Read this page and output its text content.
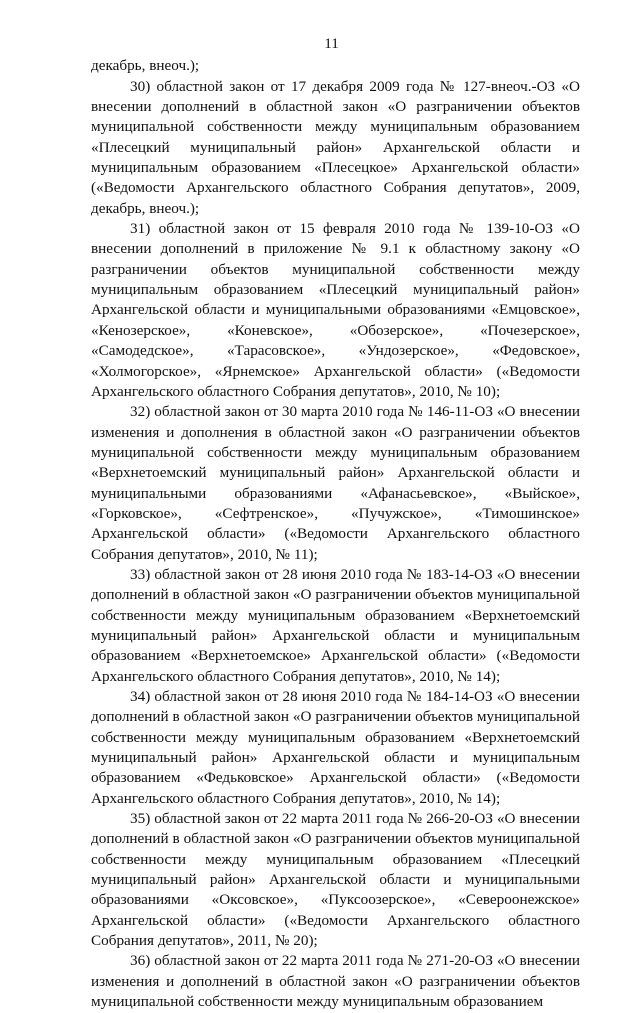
11

декабрь, внеоч.);

30) областной закон от 17 декабря 2009 года № 127-внеоч.-ОЗ «О внесении дополнений в областной закон «О разграничении объектов муниципальной собственности между муниципальным образованием «Плесецкий муниципальный район» Архангельской области и муниципальным образованием «Плесецкое» Архангельской области» («Ведомости Архангельского областного Собрания депутатов», 2009, декабрь, внеоч.);

31) областной закон от 15 февраля 2010 года № 139-10-ОЗ «О внесении дополнений в приложение № 9.1 к областному закону «О разграничении объектов муниципальной собственности между муниципальным образованием «Плесецкий муниципальный район» Архангельской области и муниципальными образованиями «Емцовское», «Кенозерское», «Коневское», «Обозерское», «Почезерское», «Самодедское», «Тарасовское», «Ундозерское», «Федовское», «Холмогорское», «Ярнемское» Архангельской области» («Ведомости Архангельского областного Собрания депутатов», 2010, № 10);

32) областной закон от 30 марта 2010 года № 146-11-ОЗ «О внесении изменения и дополнения в областной закон «О разграничении объектов муниципальной собственности между муниципальным образованием «Верхнетоемский муниципальный район» Архангельской области и муниципальными образованиями «Афанасьевское», «Выйское», «Горковское», «Сефтренское», «Пучужское», «Тимошинское» Архангельской области» («Ведомости Архангельского областного Собрания депутатов», 2010, № 11);

33) областной закон от 28 июня 2010 года № 183-14-ОЗ «О внесении дополнений в областной закон «О разграничении объектов муниципальной собственности между муниципальным образованием «Верхнетоемский муниципальный район» Архангельской области и муниципальным образованием «Верхнетоемское» Архангельской области» («Ведомости Архангельского областного Собрания депутатов», 2010, № 14);

34) областной закон от 28 июня 2010 года № 184-14-ОЗ «О внесении дополнений в областной закон «О разграничении объектов муниципальной собственности между муниципальным образованием «Верхнетоемский муниципальный район» Архангельской области и муниципальным образованием «Федьковское» Архангельской области» («Ведомости Архангельского областного Собрания депутатов», 2010, № 14);

35) областной закон от 22 марта 2011 года № 266-20-ОЗ «О внесении дополнений в областной закон «О разграничении объектов муниципальной собственности между муниципальным образованием «Плесецкий муниципальный район» Архангельской области и муниципальными образованиями «Оксовское», «Пуксоозерское», «Североонежское» Архангельской области» («Ведомости Архангельского областного Собрания депутатов», 2011, № 20);

36) областной закон от 22 марта 2011 года № 271-20-ОЗ «О внесении изменения и дополнений в областной закон «О разграничении объектов муниципальной собственности между муниципальным образованием
